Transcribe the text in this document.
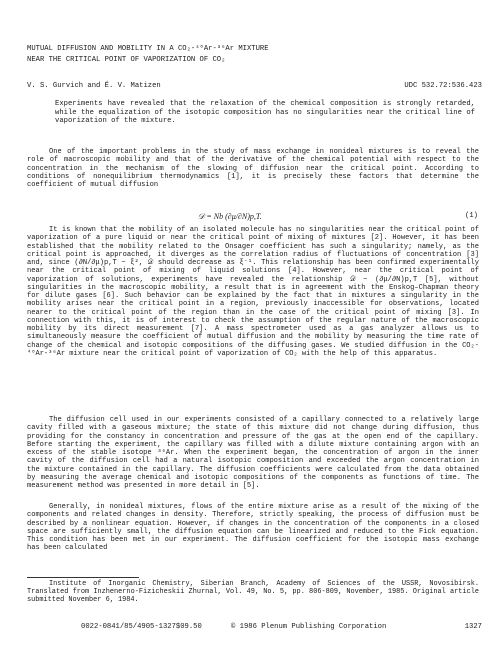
MUTUAL DIFFUSION AND MOBILITY IN A CO₂-⁴⁰Ar-³⁶Ar MIXTURE
NEAR THE CRITICAL POINT OF VAPORIZATION OF CO₂
V. S. Gurvich and É. V. Matizen	UDC 532.72:536.423
Experiments have revealed that the relaxation of the chemical composition is strongly retarded, while the equalization of the isotopic composition has no singularities near the critical line of vaporization of the mixture.
One of the important problems in the study of mass exchange in nonideal mixtures is to reveal the role of macroscopic mobility and that of the derivative of the chemical potential with respect to the concentration in the mechanism of the slowing of diffusion near the critical point. According to conditions of nonequilibrium thermodynamics [1], it is precisely these factors that determine the coefficient of mutual diffusion
𝒟 = Nb (∂μ/∂N)p,T.	(1)
It is known that the mobility of an isolated molecule has no singularities near the critical point of vaporization of a pure liquid or near the critical point of mixing of mixtures [2]. However, it has been established that the mobility related to the Onsager coefficient has such a singularity; namely, as the critical point is approached, it diverges as the correlation radius of fluctuations of concentration [3] and, since (∂N/∂μ)p,T ~ ξ², 𝒟 should decrease as ξ⁻¹. This relationship has been confirmed experimentally near the critical point of mixing of liquid solutions [4]. However, near the critical point of vaporization of solutions, experiments have revealed the relationship 𝒟 ~ (∂μ/∂N)p,T [5], without singularities in the macroscopic mobility, a result that is in agreement with the Enskog–Chapman theory for dilute gases [6]. Such behavior can be explained by the fact that in mixtures a singularity in the mobility arises near the critical point in a region, previously inaccessible for observations, located nearer to the critical point of the region than in the case of the critical point of mixing [3]. In connection with this, it is of interest to check the assumption of the regular nature of the macroscopic mobility by its direct measurement [7]. A mass spectrometer used as a gas analyzer allows us to simultaneously measure the coefficient of mutual diffusion and the mobility by measuring the time rate of change of the chemical and isotopic compositions of the diffusing gases. We studied diffusion in the CO₂-⁴⁰Ar-³⁶Ar mixture near the critical point of vaporization of CO₂ with the help of this apparatus.
The diffusion cell used in our experiments consisted of a capillary connected to a relatively large cavity filled with a gaseous mixture; the state of this mixture did not change during diffusion, thus providing for the constancy in concentration and pressure of the gas at the open end of the capillary. Before starting the experiment, the capillary was filled with a dilute mixture containing argon with an excess of the stable isotope ³⁶Ar. When the experiment began, the concentration of argon in the inner cavity of the diffusion cell had a natural isotopic composition and exceeded the argon concentration in the mixture contained in the capillary. The diffusion coefficients were calculated from the data obtained by measuring the average chemical and isotopic compositions of the components as functions of time. The measurement method was presented in more detail in [5].
Generally, in nonideal mixtures, flows of the entire mixture arise as a result of the mixing of the components and related changes in density. Therefore, strictly speaking, the process of diffusion must be described by a nonlinear equation. However, if changes in the concentration of the components in a closed space are sufficiently small, the diffusion equation can be linearized and reduced to the Fick equation. This condition has been met in our experiment. The diffusion coefficient for the isotopic mass exchange has been calculated
Institute of Inorganic Chemistry, Siberian Branch, Academy of Sciences of the USSR, Novosibirsk. Translated from Inzhenerno-Fizicheskii Zhurnal, Vol. 49, No. 5, pp. 806-809, November, 1985. Original article submitted November 6, 1984.
0022-0841/85/4905-1327$09.50	© 1986 Plenum Publishing Corporation	1327
